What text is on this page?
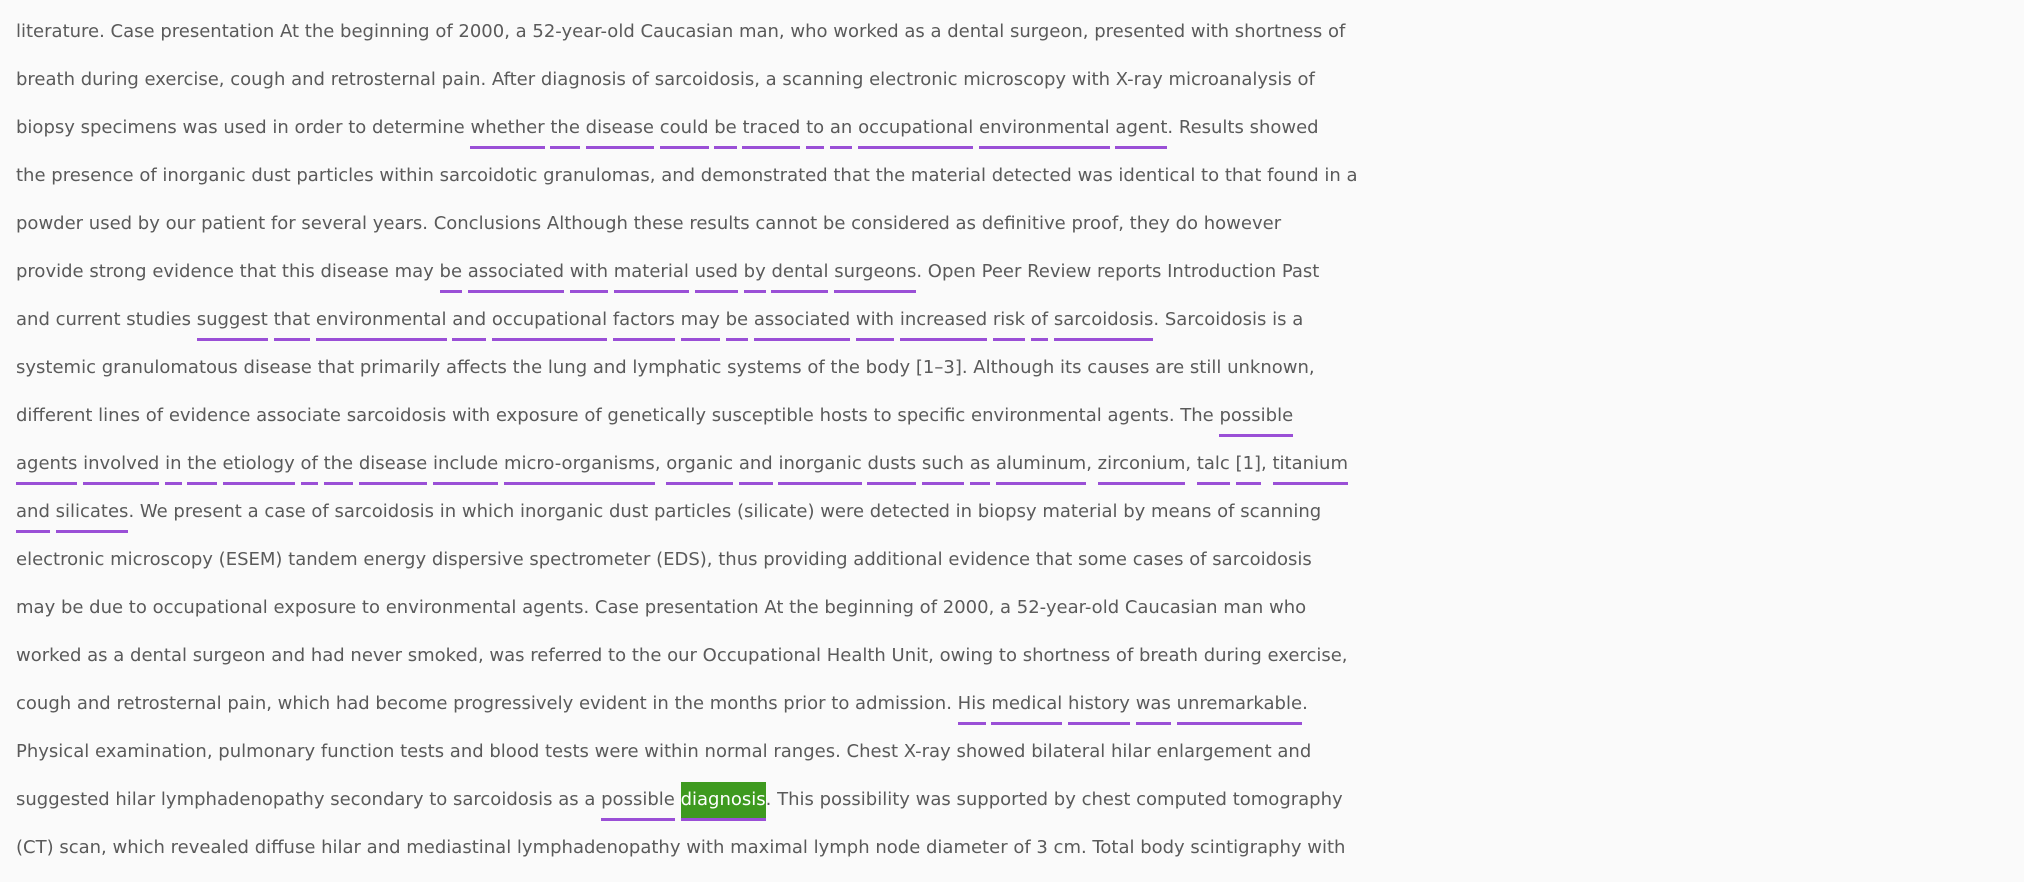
literature. Case presentation At the beginning of 2000, a 52-year-old Caucasian man, who worked as a dental surgeon, presented with shortness of
breath during exercise, cough and retrosternal pain. After diagnosis of sarcoidosis, a scanning electronic microscopy with X-ray microanalysis of
biopsy specimens was used in order to determine whether the disease could be traced to an occupational environmental agent. Results showed
the presence of inorganic dust particles within sarcoidotic granulomas, and demonstrated that the material detected was identical to that found in a
powder used by our patient for several years. Conclusions Although these results cannot be considered as definitive proof, they do however
provide strong evidence that this disease may be associated with material used by dental surgeons. Open Peer Review reports Introduction Past
and current studies suggest that environmental and occupational factors may be associated with increased risk of sarcoidosis. Sarcoidosis is a
systemic granulomatous disease that primarily affects the lung and lymphatic systems of the body [1–3]. Although its causes are still unknown,
different lines of evidence associate sarcoidosis with exposure of genetically susceptible hosts to specific environmental agents. The possible
agents involved in the etiology of the disease include micro-organisms, organic and inorganic dusts such as aluminum, zirconium, talc [1], titanium
and silicates. We present a case of sarcoidosis in which inorganic dust particles (silicate) were detected in biopsy material by means of scanning
electronic microscopy (ESEM) tandem energy dispersive spectrometer (EDS), thus providing additional evidence that some cases of sarcoidosis
may be due to occupational exposure to environmental agents. Case presentation At the beginning of 2000, a 52-year-old Caucasian man who
worked as a dental surgeon and had never smoked, was referred to the our Occupational Health Unit, owing to shortness of breath during exercise,
cough and retrosternal pain, which had become progressively evident in the months prior to admission. His medical history was unremarkable.
Physical examination, pulmonary function tests and blood tests were within normal ranges. Chest X-ray showed bilateral hilar enlargement and
suggested hilar lymphadenopathy secondary to sarcoidosis as a possible diagnosis. This possibility was supported by chest computed tomography
(CT) scan, which revealed diffuse hilar and mediastinal lymphadenopathy with maximal lymph node diameter of 3 cm. Total body scintigraphy with
